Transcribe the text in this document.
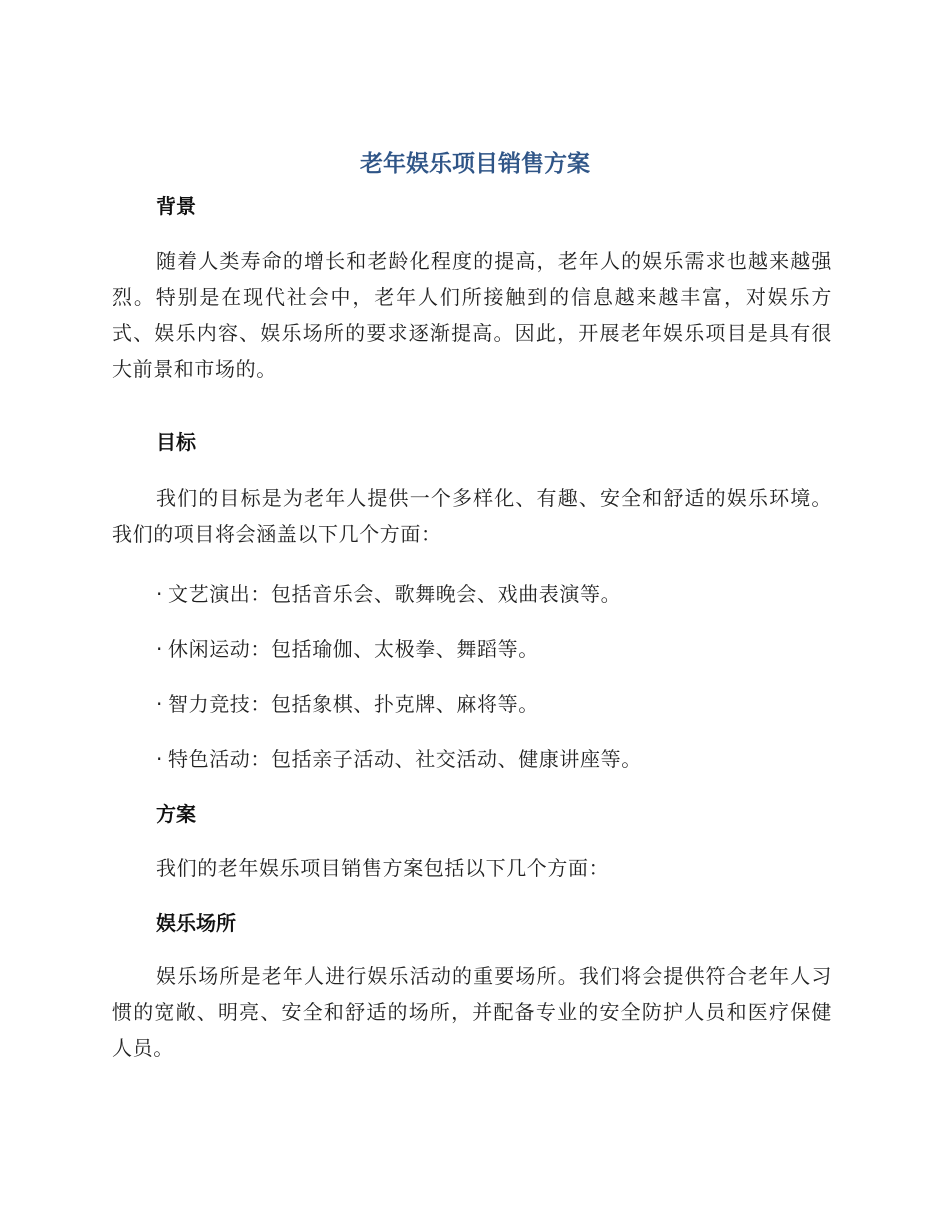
老年娱乐项目销售方案
背景
随着人类寿命的增长和老龄化程度的提高，老年人的娱乐需求也越来越强烈。特别是在现代社会中，老年人们所接触到的信息越来越丰富，对娱乐方式、娱乐内容、娱乐场所的要求逐渐提高。因此，开展老年娱乐项目是具有很大前景和市场的。
目标
我们的目标是为老年人提供一个多样化、有趣、安全和舒适的娱乐环境。我们的项目将会涵盖以下几个方面：
· 文艺演出：包括音乐会、歌舞晚会、戏曲表演等。
· 休闲运动：包括瑜伽、太极拳、舞蹈等。
· 智力竞技：包括象棋、扑克牌、麻将等。
· 特色活动：包括亲子活动、社交活动、健康讲座等。
方案
我们的老年娱乐项目销售方案包括以下几个方面：
娱乐场所
娱乐场所是老年人进行娱乐活动的重要场所。我们将会提供符合老年人习惯的宽敞、明亮、安全和舒适的场所，并配备专业的安全防护人员和医疗保健人员。
